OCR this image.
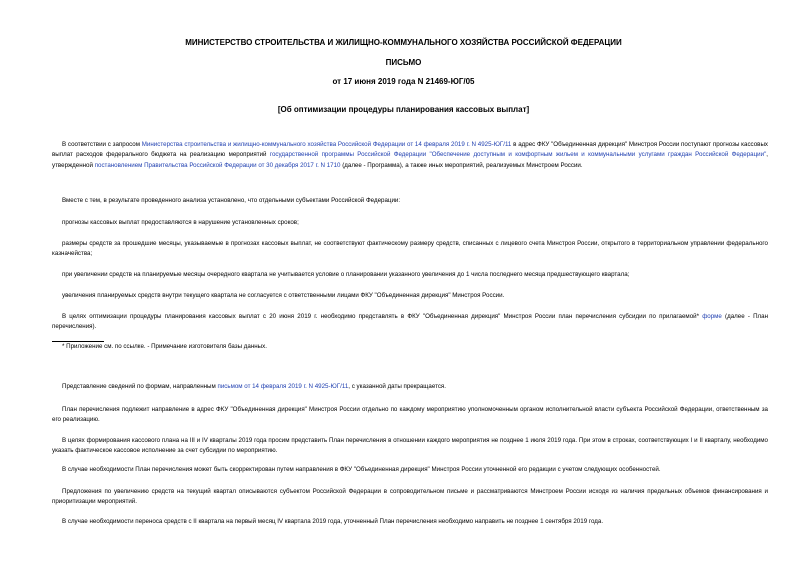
МИНИСТЕРСТВО СТРОИТЕЛЬСТВА И ЖИЛИЩНО-КОММУНАЛЬНОГО ХОЗЯЙСТВА РОССИЙСКОЙ ФЕДЕРАЦИИ
ПИСЬМО
от 17 июня 2019 года N 21469-ЮГ/05
[Об оптимизации процедуры планирования кассовых выплат]

В соответствии с запросом Министерства строительства и жилищно-коммунального хозяйства Российской Федерации от 14 февраля 2019 г. N 4925-ЮГ/11 в адрес ФКУ "Объединенная дирекция" Минстроя России поступают прогнозы кассовых выплат расходов федерального бюджета на реализацию мероприятий государственной программы Российской Федерации "Обеспечение доступным и комфортным жильем и коммунальными услугами граждан Российской Федерации", утвержденной постановлением Правительства Российской Федерации от 30 декабря 2017 г. N 1710 (далее - Программа), а также иных мероприятий, реализуемых Минстроем России.

Вместе с тем, в результате проведенного анализа установлено, что отдельными субъектами Российской Федерации:

прогнозы кассовых выплат предоставляются в нарушение установленных сроков;

размеры средств за прошедшие месяцы, указываемые в прогнозах кассовых выплат, не соответствуют фактическому размеру средств, списанных с лицевого счета Минстроя России, открытого в территориальном управлении федерального казначейства;

при увеличении средств на планируемые месяцы очередного квартала не учитывается условие о планировании указанного увеличения до 1 числа последнего месяца предшествующего квартала;

увеличения планируемых средств внутри текущего квартала не согласуется с ответственными лицами ФКУ "Объединенная дирекция" Минстроя России.

В целях оптимизации процедуры планирования кассовых выплат с 20 июня 2019 г. необходимо представлять в ФКУ "Объединенная дирекция" Минстроя России план перечисления субсидии по прилагаемой* форме (далее - План перечисления).

* Приложение см. по ссылке. - Примечание изготовителя базы данных.

Представление сведений по формам, направленным письмом от 14 февраля 2019 г. N 4925-ЮГ/11, с указанной даты прекращается.

План перечисления подлежит направление в адрес ФКУ "Объединенная дирекция" Минстроя России отдельно по каждому мероприятию уполномоченным органом исполнительной власти субъекта Российской Федерации, ответственным за его реализацию.

В целях формирования кассового плана на III и IV кварталы 2019 года просим представить План перечисления в отношении каждого мероприятия не позднее 1 июля 2019 года. При этом в строках, соответствующих I и II кварталу, необходимо указать фактическое кассовое исполнение за счет субсидии по мероприятию.

В случае необходимости План перечисления может быть скорректирован путем направления в ФКУ "Объединенная дирекция" Минстроя России уточненной его редакции с учетом следующих особенностей.

Предложения по увеличению средств на текущий квартал описываются субъектом Российской Федерации в сопроводительном письме и рассматриваются Минстроем России исходя из наличия предельных объемов финансирования и приоритизации мероприятий.

В случае необходимости переноса средств с II квартала на первый месяц IV квартала 2019 года, уточненный План перечисления необходимо направить не позднее 1 сентября 2019 года.
